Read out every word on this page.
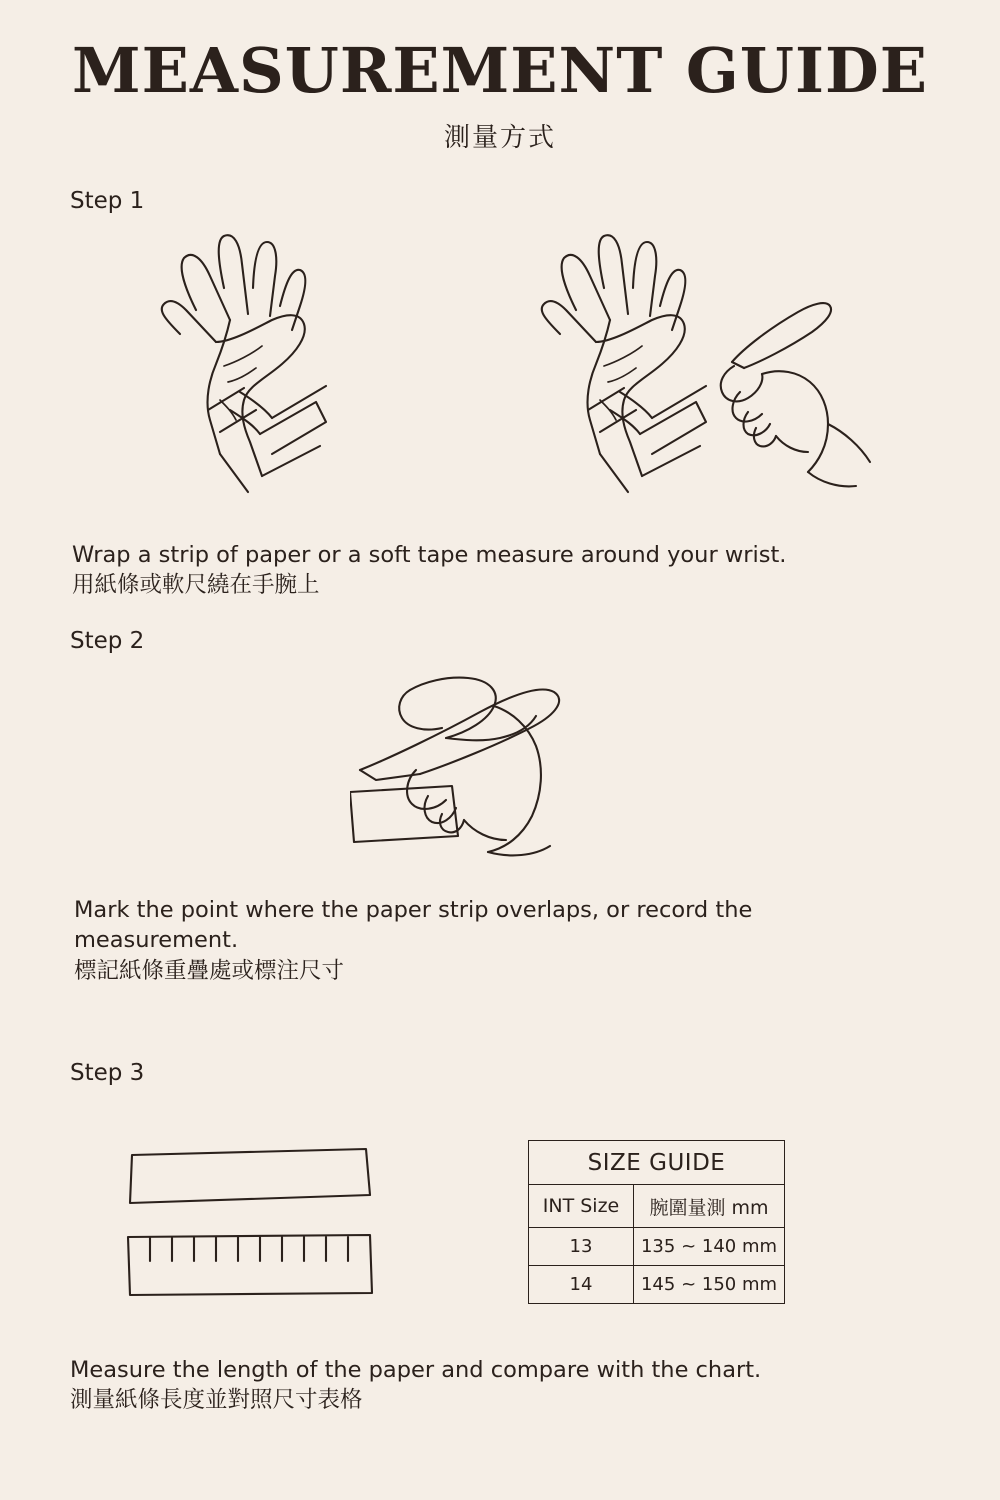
MEASUREMENT GUIDE
測量方式
Step 1
Wrap a strip of paper or a soft tape measure around your wrist.
用紙條或軟尺繞在手腕上
Step 2
Mark the point where the paper strip overlaps, or record the measurement.
標記紙條重疊處或標注尺寸
Step 3
SIZE GUIDE	
INT Size	腕圍量測 mm
13	135 ~ 140 mm
14	145 ~ 150 mm
Measure the length of the paper and compare with the chart.
測量紙條長度並對照尺寸表格
